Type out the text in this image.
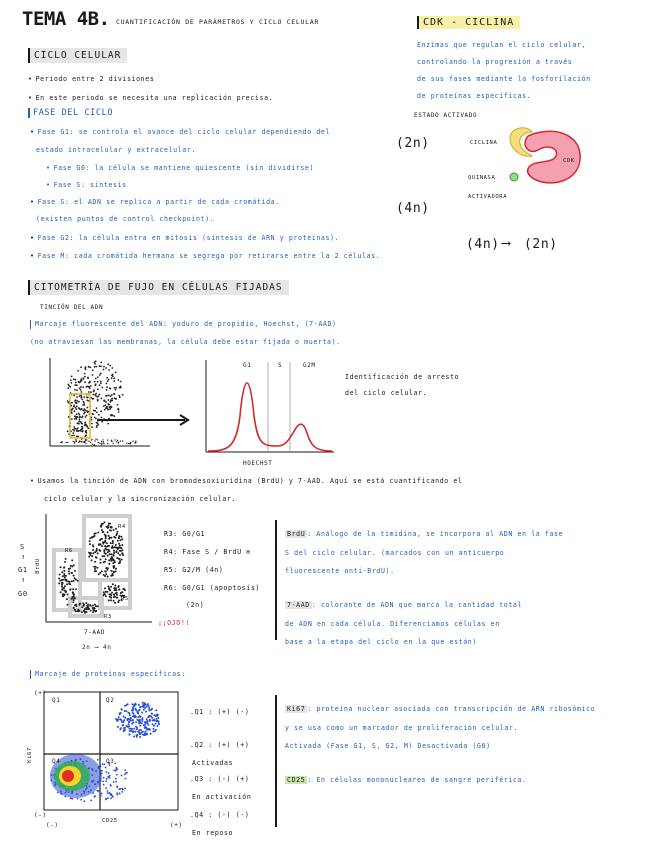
TEMA 4B. CUANTIFICACIÓN DE PARÁMETROS Y CICLO CELULAR
CICLO CELULAR
• Periodo entre 2 divisiones
• En este periodo se necesita una replicación precisa.
FASE DEL CICLO
• Fase G1: se controla el avance del ciclo celular dependiendo del
estado intracelular y extracelular.
• Fase G0: la célula se mantiene quiescente (sin dividirse)
• Fase S: síntesis
• Fase S: el ADN se replica a partir de cada cromátida.
(existen puntos de control checkpoint).
• Fase G2: la célula entra en mitosis (síntesis de ARN y proteínas).
• Fase M: cada cromátida hermana se segrega por retirarse entre la 2 células.
(2n)
(4n)
(4n) ⟶ (2n)
CDK - CICLINA
Enzimas que regulan el ciclo celular,
controlando la progresión a través
de sus fases mediante la fosforilación
de proteínas específicas.
ESTADO ACTIVADO
CICLINA
CDK
QUINASA
ACTIVADORA
CITOMETRÍA DE FUJO EN CÉLULAS FIJADAS
TINCIÓN DEL ADN
Marcaje fluorescente del ADN: yoduro de propidio, Hoechst, (7-AAD)
(no atraviesan las membranas, la célula debe estar fijada o muerta).
G1	S	G2M
HOECHST
Identificación de arresto
del ciclo celular.
• Usamos la tinción de ADN con bromodesoxiuridina (BrdU) y 7-AAD. Aquí se está cuantificando el
ciclo celular y la sincronización celular.
R4
R6
R5
R3
S
↑
G1
↑
G0
BrdU
7-AAD
2n ⟶ 4n
R3: G0/G1
R4: Fase S / BrdU ⊕
R5: G2/M (4n)
R6: G0/G1 (apoptosis)
(2n)
¡¡OJO!!
BrdU : Análogo de la timidina, se incorpora al ADN en la fase
S del ciclo celular. (marcados con un anticuerpo
fluorescente anti-BrdU).
7-AAD : colorante de ADN que marca la cantidad total
de ADN en cada célula. Diferenciamos células en
base a la etapa del ciclo en la que están)
Marcaje de proteínas específicas:
(+)
(-)
(+)
(-)
Ki67
CD25
Q1	Q2
Q3
Q4
.Q1 : (+) (-)
.Q2 : (+) (+)
Activadas
.Q3 : (-) (+)
En activación
.Q4 : (-) (-)
En reposo
Ki67 : proteína nuclear asociada con transcripción de ARN ribosómico
y se usa como un marcador de proliferación celular.
Activada (Fase G1, S, G2, M) Desactivada (G0)
CD25 : En células mononucleares de sangre periférica.
